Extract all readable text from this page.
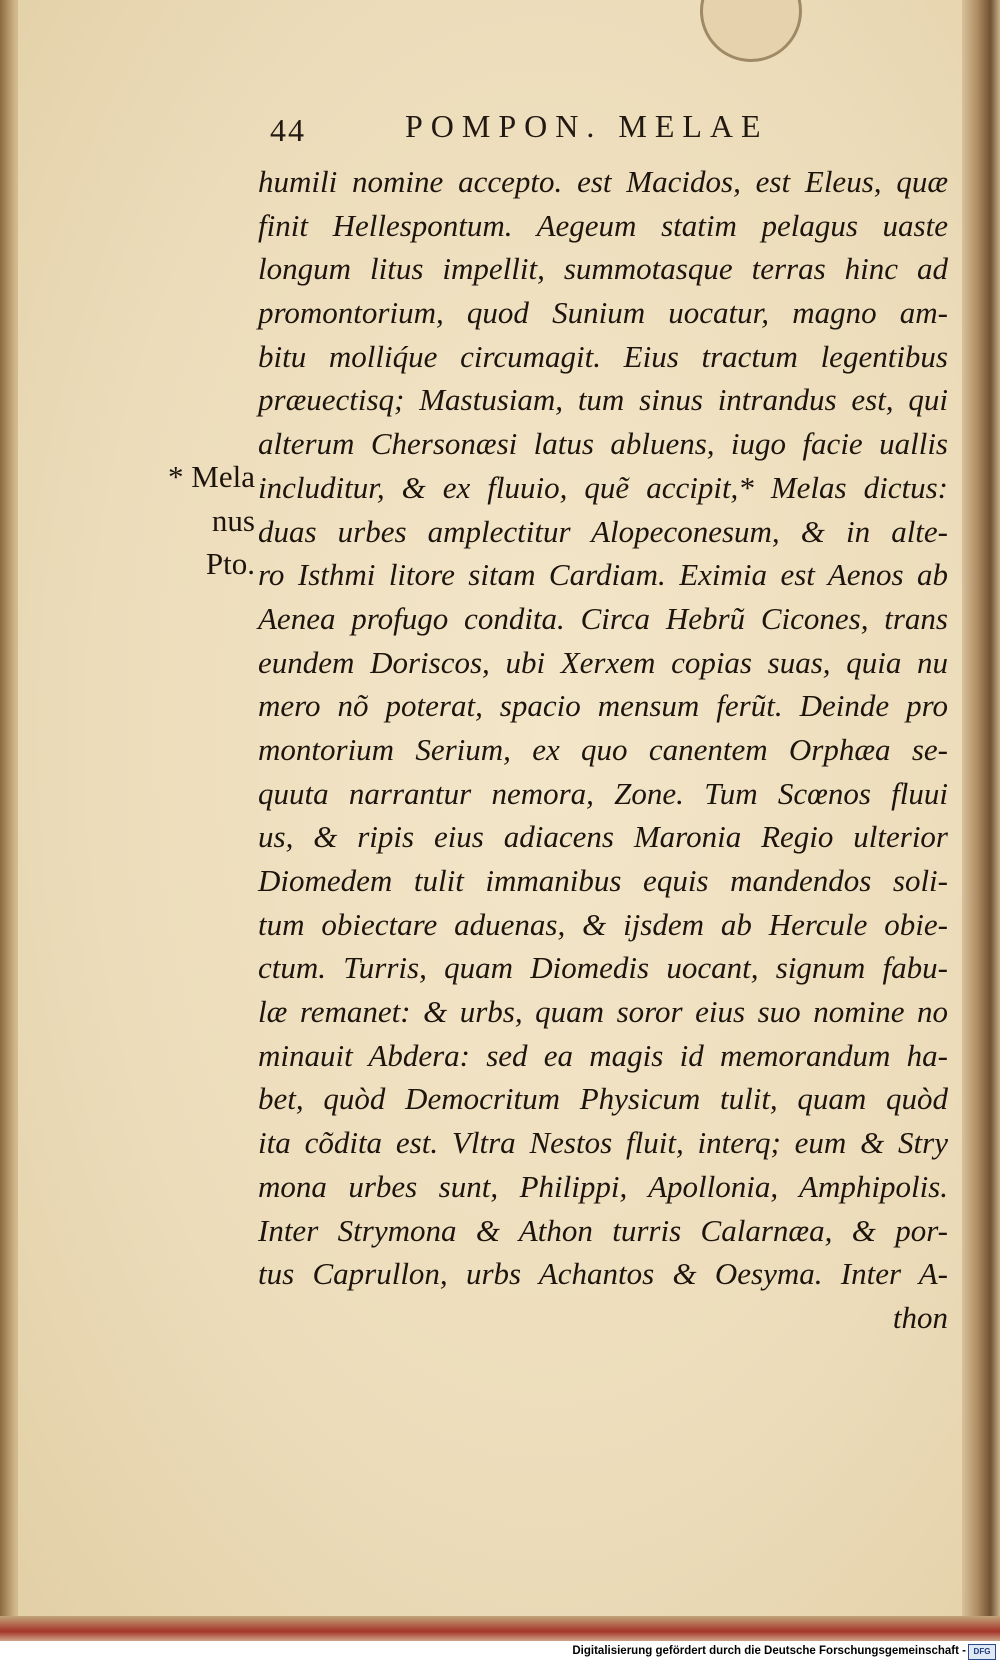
44	POMPON. MELAE
* Mela
nus
Pto.
humili nomine accepto. est Macidos, est Eleus, quæ
finit Hellespontum. Aegeum statim pelagus uaste
longum litus impellit, summotasque terras hinc ad
promontorium, quod Sunium uocatur, magno am-
bitu molliq́ue circumagit. Eius tractum legentibus
præuectisq; Mastusiam, tum sinus intrandus est, qui
alterum Chersonæsi latus abluens, iugo facie uallis
includitur, & ex fluuio, quẽ accipit,* Melas dictus:
duas urbes amplectitur Alopeconesum, & in alte-
ro Isthmi litore sitam Cardiam. Eximia est Aenos ab
Aenea profugo condita. Circa Hebrũ Cicones, trans
eundem Doriscos, ubi Xerxem copias suas, quia nu
mero nõ poterat, spacio mensum ferũt. Deinde pro
montorium Serium, ex quo canentem Orphæa se-
quuta narrantur nemora, Zone. Tum Scœnos fluui
us, & ripis eius adiacens Maronia Regio ulterior
Diomedem tulit immanibus equis mandendos soli-
tum obiectare aduenas, & ijsdem ab Hercule obie-
ctum. Turris, quam Diomedis uocant, signum fabu-
læ remanet: & urbs, quam soror eius suo nomine no
minauit Abdera: sed ea magis id memorandum ha-
bet, quòd Democritum Physicum tulit, quam quòd
ita cõdita est. Vltra Nestos fluit, interq; eum & Stry
mona urbes sunt, Philippi, Apollonia, Amphipolis.
Inter Strymona & Athon turris Calarnæa, & por-
tus Caprullon, urbs Achantos & Oesyma. Inter A-
thon
Digitalisierung gefördert durch die Deutsche Forschungsgemeinschaft - DFG
